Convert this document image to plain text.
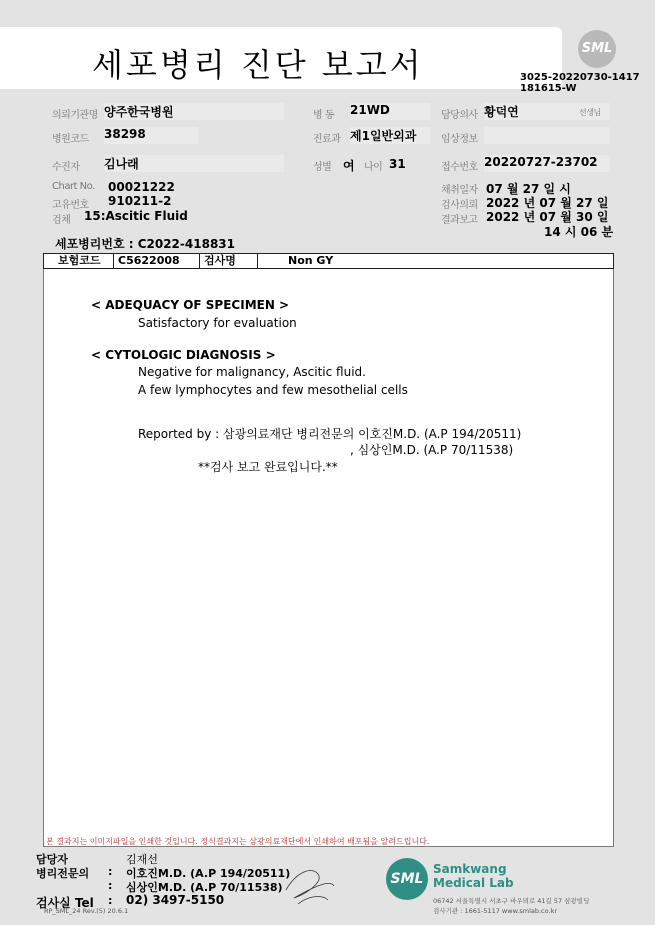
세포병리 진단 보고서	SML
3025-20220730-1417
181615-W
의뢰기관명 양주한국병원	병 동 21WD	담당의사 황덕연	선생님
병원코드 38298	진료과 제1일반외과	임상정보
수진자 김나래	성별 여 나이 31	접수번호 20220727-23702
Chart No. 00021222
고유번호 910211-2
검체 15:Ascitic Fluid
채취일자 07 월 27 일 시
검사의뢰 2022 년 07 월 27 일
결과보고 2022 년 07 월 30 일
14 시 06 분
세포병리번호 : C2022-418831
보험코드	C5622008	검사명	Non GY
< ADEQUACY OF SPECIMEN >
Satisfactory for evaluation
< CYTOLOGIC DIAGNOSIS >
Negative for malignancy, Ascitic fluid.
A few lymphocytes and few mesothelial cells
Reported by : 삼광의료재단 병리전문의 이호진M.D. (A.P 194/20511)
, 심상인M.D. (A.P 70/11538)
**검사 보고 완료입니다.**
본 결과지는 이미지파일을 인쇄한 것입니다. 정식결과지는 삼광의료재단에서 인쇄하여 배포됨을 알려드립니다.
담당자	김재선
병리전문의 : 이호진M.D. (A.P 194/20511)
: 심상인M.D. (A.P 70/11538)
검사실 Tel : 02) 3497-5150
RP_SML_24 Rev.(5) 20.6.1
SML
Samkwang
Medical Lab
06742 서울특별시 서초구 바우뫼로 41길 57 삼광빌딩
검사기관 : 1661-5117 www.smlab.co.kr
